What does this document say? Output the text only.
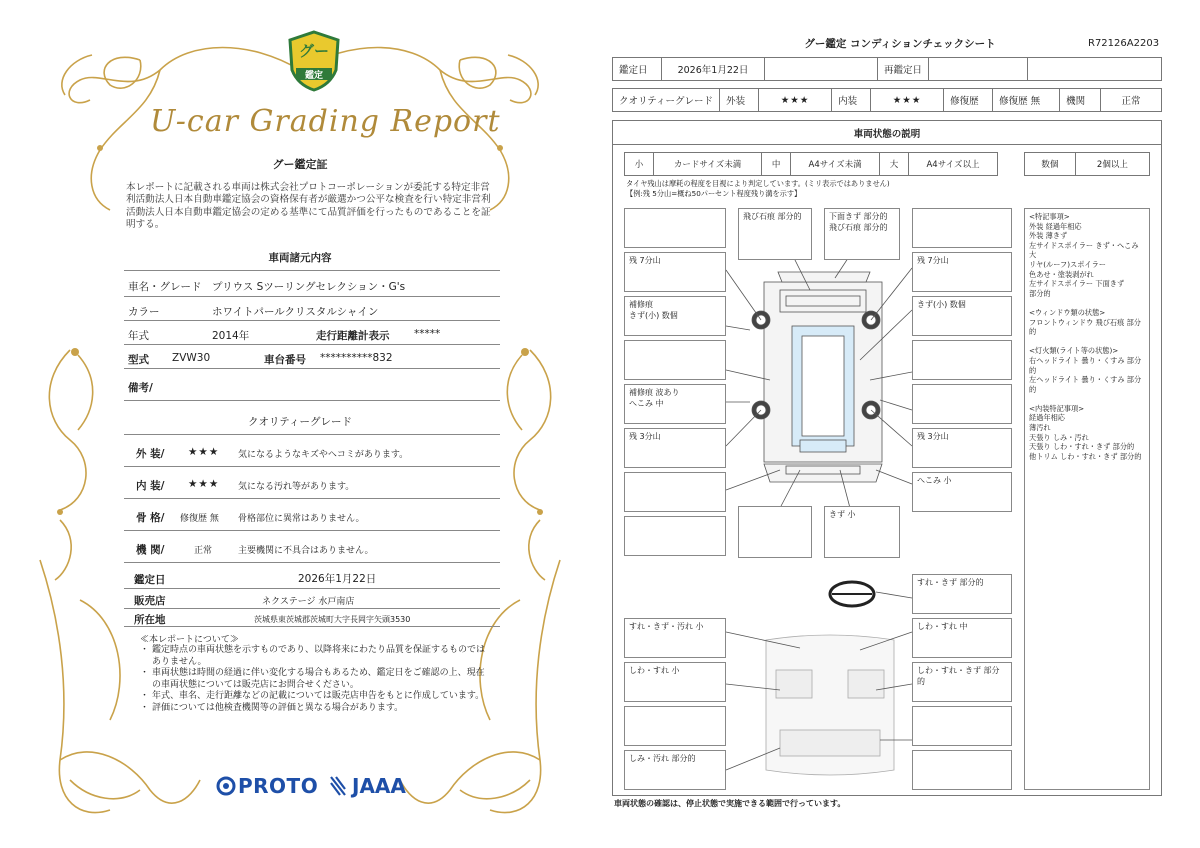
グー
鑑定
U-car Grading Report
グー鑑定証
本レポートに記載される車両は株式会社プロトコーポレーションが委託する特定非営利活動法人日本自動車鑑定協会の資格保有者が厳選かつ公平な検査を行い特定非営利活動法人日本自動車鑑定協会の定める基準にて品質評価を行ったものであることを証明する。
車両諸元内容
車名・グレード プリウス Sツーリングセレクション・G's
カラー	ホワイトパールクリスタルシャイン
年式	2014年	走行距離計表示 *****
型式 ZVW30	車台番号 **********832
備考/
クオリティーグレード
外 装/ ★★★ 気になるようなキズやヘコミがあります。
内 装/ ★★★ 気になる汚れ等があります。
骨 格/ 修復歴 無 骨格部位に異常はありません。
機 関/	正常	主要機関に不具合はありません。
鑑定日	2026年1月22日
販売店	ネクステージ 水戸南店
所在地	茨城県東茨城郡茨城町大字長岡字矢頭3530
≪本レポートについて≫
・ 鑑定時点の車両状態を示すものであり、以降将来にわたり品質を保証するものではありません。
・ 車両状態は時間の経過に伴い変化する場合もあるため、鑑定日をご確認の上、現在の車両状態については販売店にお問合せください。
・ 年式、車名、走行距離などの記載については販売店申告をもとに作成しています。
・ 評価については他検査機関等の評価と異なる場合があります。
PROTO JAAA
グー鑑定 コンディションチェックシート	R72126A2203
鑑定日	2026年1月22日		再鑑定日		
クオリティーグレード	外装	★★★	内装	★★★	修復歴	修復歴 無	機関	正常
車両状態の説明
小	カードサイズ未満	中	A4サイズ未満	大	A4サイズ以上	数個	2個以上
タイヤ残山は摩耗の程度を目視により判定しています。(ミリ表示ではありません)
【例:残 5分山=概ね50パーセント程度残り溝を示す】
残 7分山
補修痕
きず(小) 数個
補修痕 波あり
へこみ 中
残 3分山
飛び石痕 部分的	下面きず 部分的
飛び石痕 部分的
きず 小
残 7分山
きず(小) 数個
残 3分山
へこみ 小
すれ・きず 部分的
すれ・きず・汚れ 小	しわ・すれ 中
しわ・すれ 小	しわ・すれ・きず 部分的
しみ・汚れ 部分的
<特記事項>
外装 経過年相応
外装 薄きず
左サイドスポイラー きず・へこみ 大
リヤ(ルーフ)スポイラー
色あせ・塗装剥がれ
左サイドスポイラー 下面きず
部分的
<ウィンドウ類の状態>
フロントウィンドウ 飛び石痕 部分的
<灯火類(ライト等の状態)>
右ヘッドライト 曇り・くすみ 部分的
左ヘッドライト 曇り・くすみ 部分的
<内装特記事項>
経過年相応
薄汚れ
天張り しみ・汚れ
天張り しわ・すれ・きず 部分的
他トリム しわ・すれ・きず 部分的
車両状態の確認は、停止状態で実施できる範囲で行っています。
